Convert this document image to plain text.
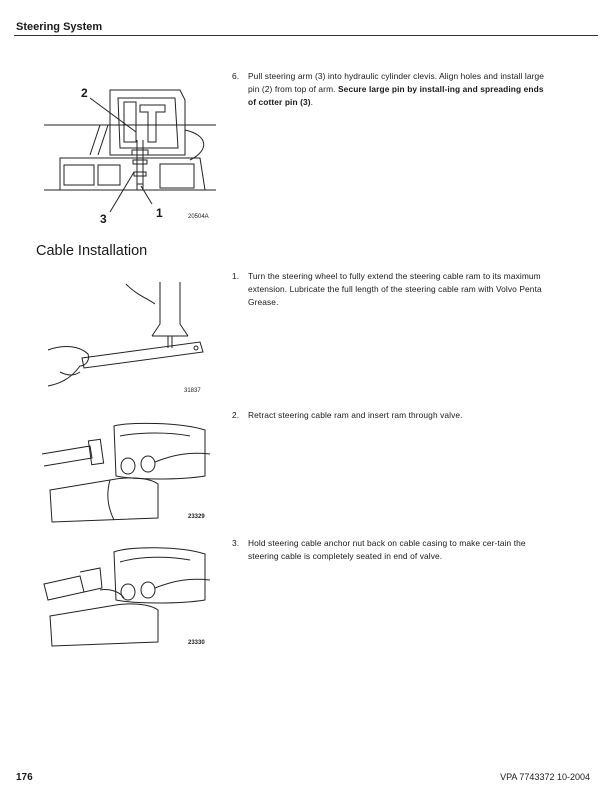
Steering System
2
1
3	20504A
6. Pull steering arm (3) into hydraulic cylinder clevis. Align holes and install large pin (2) from top of arm. Secure large pin by install-ing and spreading ends of cotter pin (3).
Cable Installation
31837
1. Turn the steering wheel to fully extend the steering cable ram to its maximum extension. Lubricate the full length of the steering cable ram with Volvo Penta Grease.
23329
2. Retract steering cable ram and insert ram through valve.
23330
3. Hold steering cable anchor nut back on cable casing to make cer-tain the steering cable is completely seated in end of valve.
176	VPA 7743372 10-2004
